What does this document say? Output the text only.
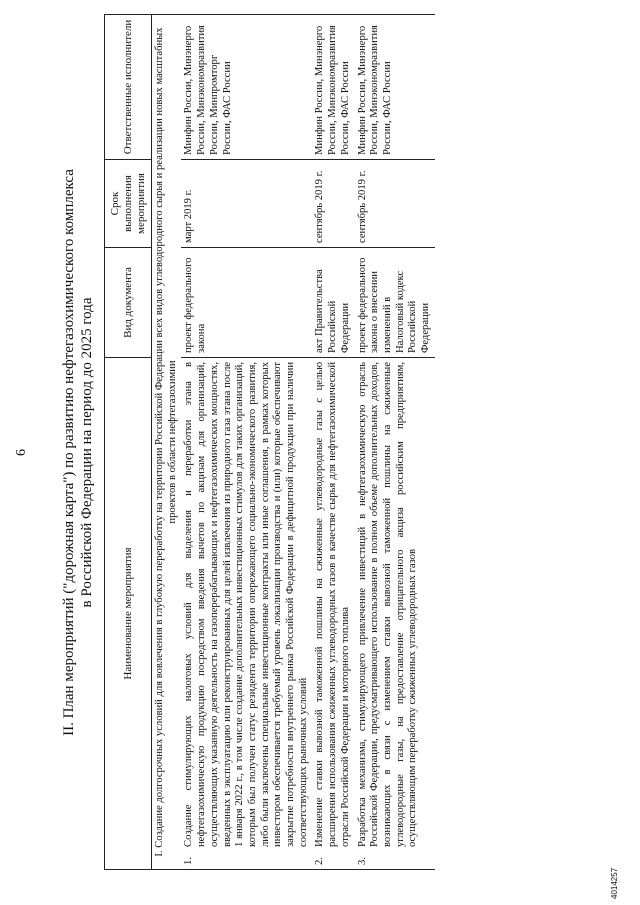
6 II. План мероприятий ("дорожная карта") по развитию нефтегазохимического комплекса в Российской Федерации на период до 2025 года
Наименование мероприятия	Вид документа	Срок выполнения мероприятия	Ответственные исполнители
I. Создание долгосрочных условий для вовлечения в глубокую переработку на территории Российской Федерации всех видов углеводородного сырья и реализации новых масштабных проектов в области нефтегазохимии			

1.
Создание стимулирующих налоговых условий для выделения и переработки этана в нефтегазохимическую продукцию посредством введения вычетов по акцизам для организаций, осуществляющих указанную деятельность на газоперерабатывающих и нефтегазохимических мощностях, введенных в эксплуатацию или реконструированных для целей извлечения из природного газа этана после 1 января 2022 г., в том числе создание дополнительных инвестиционных стимулов для таких организаций, которым был получен статус резидента территории опережающего социально-экономического развития, либо были заключены специальные инвестиционные контракты или иные соглашения, в рамках которых инвестором обеспечивается требуемый уровень локализации производства и (или) которые обеспечивают закрытие потребности внутреннего рынка Российской Федерации в дефицитной продукции при наличии соответствующих рыночных условий	проект федерального закона	март 2019 г.	Минфин России, Минэнерго России, Минэкономразвития России, Минпромторг России, ФАС России

2.
Изменение ставки вывозной таможенной пошлины на сжиженные углеводородные газы с целью расширения использования сжиженных углеводородных газов в качестве сырья для нефтегазохимической отрасли Российской Федерации и моторного топлива	акт Правительства Российской Федерации	сентябрь 2019 г.	Минфин России, Минэнерго России, Минэкономразвития России, ФАС России

3.
Разработка механизма, стимулирующего привлечение инвестиций в нефтегазохимическую отрасль Российской Федерации, предусматривающего использование в полном объеме дополнительных доходов, возникающих в связи с изменением ставки вывозной таможенной пошлины на сжиженные углеводородные газы, на предоставление отрицательного акциза российским предприятиям, осуществляющим переработку сжиженных углеводородных газов	проект федерального закона о внесении изменений в Налоговый кодекс Российской Федерации	сентябрь 2019 г.	Минфин России, Минэнерго России, Минэкономразвития России, ФАС России
4014257
